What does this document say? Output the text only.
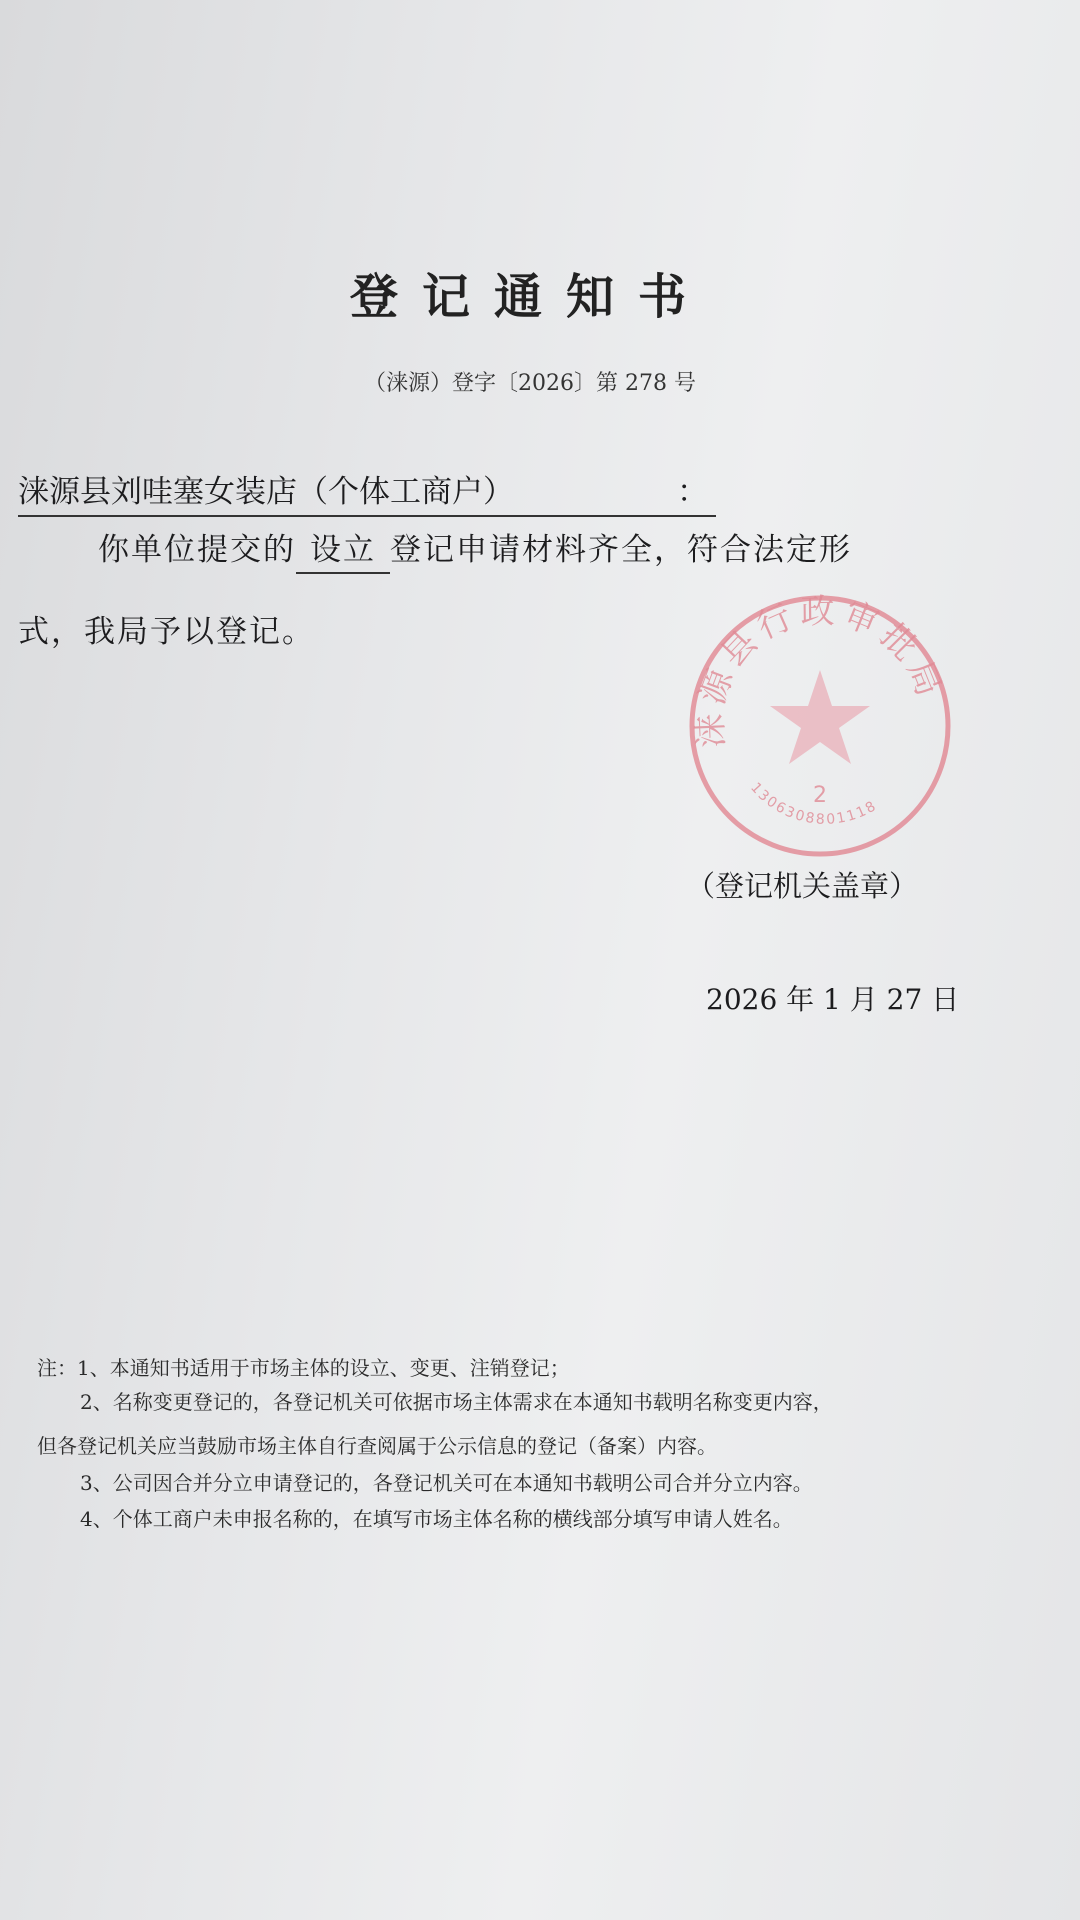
登记通知书
（涞源）登字〔2026〕第 278 号
涞源县刘哇塞女装店（个体工商户）	：
你单位提交的 设立 登记申请材料齐全，符合法定形
式，我局予以登记。
涞源县行政审批局
2
1306308801118
（登记机关盖章）
2026 年 1 月 27 日
注：1、本通知书适用于市场主体的设立、变更、注销登记；
2、名称变更登记的，各登记机关可依据市场主体需求在本通知书载明名称变更内容，
但各登记机关应当鼓励市场主体自行查阅属于公示信息的登记（备案）内容。
3、公司因合并分立申请登记的，各登记机关可在本通知书载明公司合并分立内容。
4、个体工商户未申报名称的，在填写市场主体名称的横线部分填写申请人姓名。
